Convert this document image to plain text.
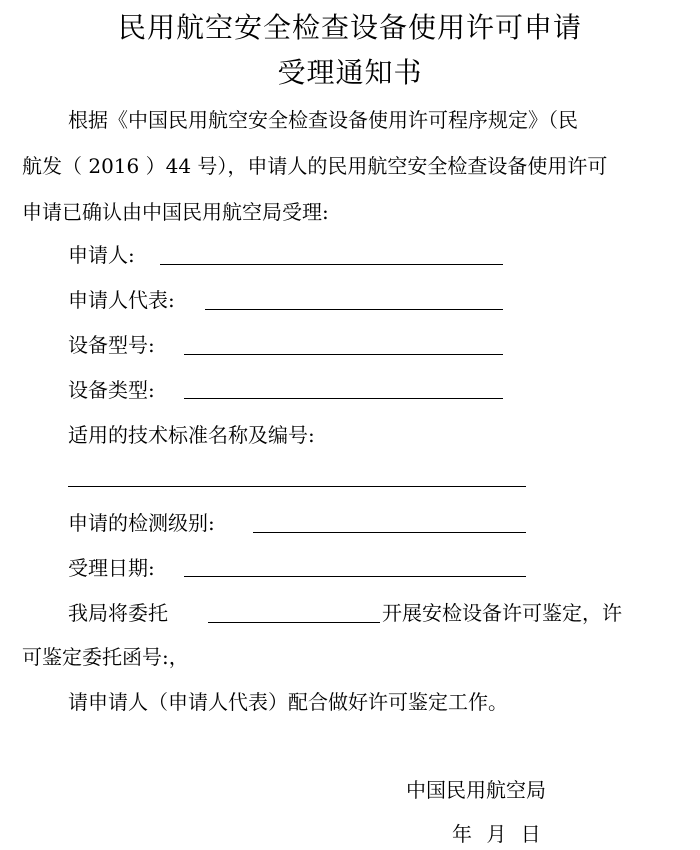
民用航空安全检查设备使用许可申请
受理通知书
根据《中国民用航空安全检查设备使用许可程序规定》（民
航发（ 2016 ）44 号），申请人的民用航空安全检查设备使用许可
申请已确认由中国民用航空局受理:
申请人:
申请人代表:
设备型号:
设备类型:
适用的技术标准名称及编号:
申请的检测级别:
受理日期:
我局将委托	开展安检设备许可鉴定，许
可鉴定委托函号:，
请申请人（申请人代表）配合做好许可鉴定工作。
中国民用航空局
年 月 日
